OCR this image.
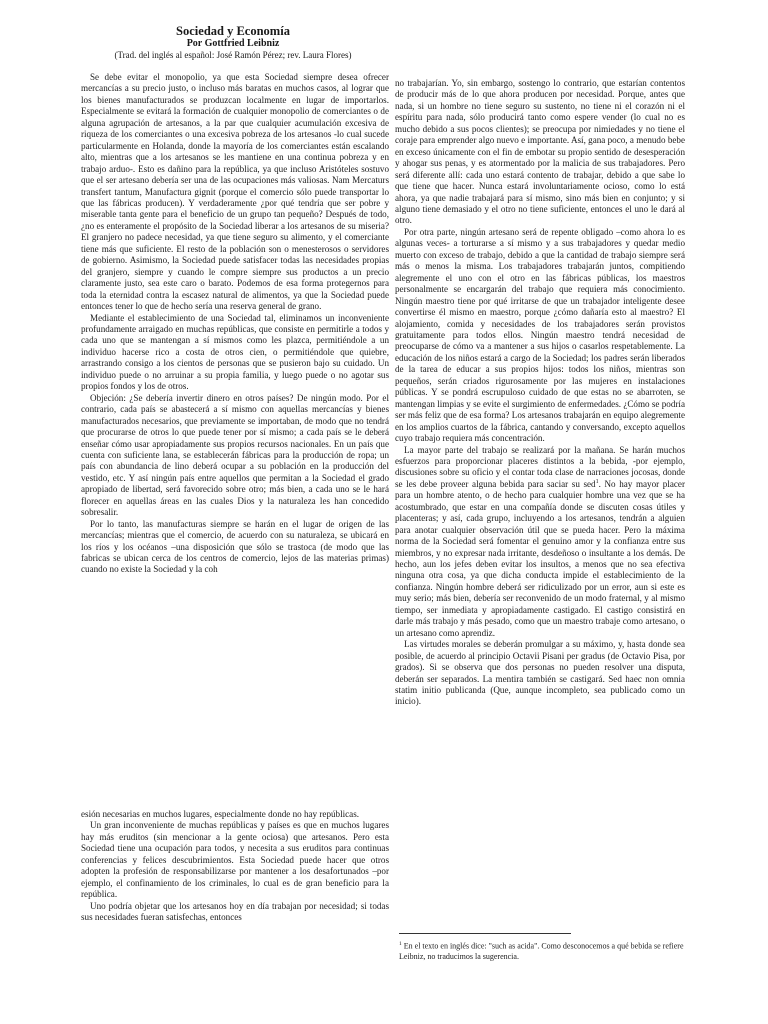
Sociedad y Economía
Por Gottfried Leibniz
(Trad. del inglés al español: José Ramón Pérez; rev. Laura Flores)

Se debe evitar el monopolio, ya que esta Sociedad siempre desea ofrecer mercancías a su precio justo, o incluso más baratas en muchos casos, al lograr que los bienes manufacturados se produzcan localmente en lugar de importarlos. Especialmente se evitará la formación de cualquier monopolio de comerciantes o de alguna agrupación de artesanos, a la par que cualquier acumulación excesiva de riqueza de los comerciantes o una excesiva pobreza de los artesanos -lo cual sucede particularmente en Holanda, donde la mayoría de los comerciantes están escalando alto, mientras que a los artesanos se les mantiene en una continua pobreza y en trabajo arduo-. Esto es dañino para la república, ya que incluso Aristóteles sostuvo que el ser artesano debería ser una de las ocupaciones más valiosas. Nam Mercaturs transfert tantum, Manufactura gignit (porque el comercio sólo puede transportar lo que las fábricas producen). Y verdaderamente ¿por qué tendría que ser pobre y miserable tanta gente para el beneficio de un grupo tan pequeño? Después de todo, ¿no es enteramente el propósito de la Sociedad liberar a los artesanos de su miseria? El granjero no padece necesidad, ya que tiene seguro su alimento, y el comerciante tiene más que suficiente. El resto de la población son o menesterosos o servidores de gobierno. Asimismo, la Sociedad puede satisfacer todas las necesidades propias del granjero, siempre y cuando le compre siempre sus productos a un precio claramente justo, sea este caro o barato. Podemos de esa forma protegernos para toda la eternidad contra la escasez natural de alimentos, ya que la Sociedad puede entonces tener lo que de hecho sería una reserva general de grano.

Mediante el establecimiento de una Sociedad tal, eliminamos un inconveniente profundamente arraigado en muchas repúblicas, que consiste en permitirle a todos y cada uno que se mantengan a sí mismos como les plazca, permitiéndole a un individuo hacerse rico a costa de otros cien, o permitiéndole que quiebre, arrastrando consigo a los cientos de personas que se pusieron bajo su cuidado. Un individuo puede o no arruinar a su propia familia, y luego puede o no agotar sus propios fondos y los de otros.

Objeción: ¿Se debería invertir dinero en otros países? De ningún modo. Por el contrario, cada país se abastecerá a sí mismo con aquellas mercancías y bienes manufacturados necesarios, que previamente se importaban, de modo que no tendrá que procurarse de otros lo que puede tener por sí mismo; a cada país se le deberá enseñar cómo usar apropiadamente sus propios recursos nacionales. En un país que cuenta con suficiente lana, se establecerán fábricas para la producción de ropa; un país con abundancia de lino deberá ocupar a su población en la producción del vestido, etc. Y así ningún país entre aquellos que permitan a la Sociedad el grado apropiado de libertad, será favorecido sobre otro; más bien, a cada uno se le hará florecer en aquellas áreas en las cuales Dios y la naturaleza les han concedido sobresalir.

Por lo tanto, las manufacturas siempre se harán en el lugar de origen de las mercancías; mientras que el comercio, de acuerdo con su naturaleza, se ubicará en los ríos y los océanos –una disposición que sólo se trastoca (de modo que las fabricas se ubican cerca de los centros de comercio, lejos de las materias primas) cuando no existe la Sociedad y la coh

esión necesarias en muchos lugares, especialmente donde no hay repúblicas.

Un gran inconveniente de muchas repúblicas y países es que en muchos lugares hay más eruditos (sin mencionar a la gente ociosa) que artesanos. Pero esta Sociedad tiene una ocupación para todos, y necesita a sus eruditos para continuas conferencias y felices descubrimientos. Esta Sociedad puede hacer que otros adopten la profesión de responsabilizarse por mantener a los desafortunados –por ejemplo, el confinamiento de los criminales, lo cual es de gran beneficio para la república.

Uno podría objetar que los artesanos hoy en día trabajan por necesidad; si todas sus necesidades fueran satisfechas, entonces

no trabajarían. Yo, sin embargo, sostengo lo contrario, que estarían contentos de producir más de lo que ahora producen por necesidad. Porque, antes que nada, si un hombre no tiene seguro su sustento, no tiene ni el corazón ni el espíritu para nada, sólo producirá tanto como espere vender (lo cual no es mucho debido a sus pocos clientes); se preocupa por nimiedades y no tiene el coraje para emprender algo nuevo e importante. Así, gana poco, a menudo bebe en exceso únicamente con el fin de embotar su propio sentido de desesperación y ahogar sus penas, y es atormentado por la malicia de sus trabajadores. Pero será diferente allí: cada uno estará contento de trabajar, debido a que sabe lo que tiene que hacer. Nunca estará involuntariamente ocioso, como lo está ahora, ya que nadie trabajará para sí mismo, sino más bien en conjunto; y si alguno tiene demasiado y el otro no tiene suficiente, entonces el uno le dará al otro.

Por otra parte, ningún artesano será de repente obligado –como ahora lo es algunas veces- a torturarse a sí mismo y a sus trabajadores y quedar medio muerto con exceso de trabajo, debido a que la cantidad de trabajo siempre será más o menos la misma. Los trabajadores trabajarán juntos, compitiendo alegremente el uno con el otro en las fábricas públicas, los maestros personalmente se encargarán del trabajo que requiera más conocimiento. Ningún maestro tiene por qué irritarse de que un trabajador inteligente desee convertirse él mismo en maestro, porque ¿cómo dañaría esto al maestro? El alojamiento, comida y necesidades de los trabajadores serán provistos gratuitamente para todos ellos. Ningún maestro tendrá necesidad de preocuparse de cómo va a mantener a sus hijos o casarlos respetablemente. La educación de los niños estará a cargo de la Sociedad; los padres serán liberados de la tarea de educar a sus propios hijos: todos los niños, mientras son pequeños, serán criados rigurosamente por las mujeres en instalaciones públicas. Y se pondrá escrupuloso cuidado de que estas no se abarroten, se mantengan limpias y se evite el surgimiento de enfermedades. ¿Cómo se podría ser más feliz que de esa forma? Los artesanos trabajarán en equipo alegremente en los amplios cuartos de la fábrica, cantando y conversando, excepto aquellos cuyo trabajo requiera más concentración.

La mayor parte del trabajo se realizará por la mañana. Se harán muchos esfuerzos para proporcionar placeres distintos a la bebida, -por ejemplo, discusiones sobre su oficio y el contar toda clase de narraciones jocosas, donde se les debe proveer alguna bebida para saciar su sed$^1$. No hay mayor placer para un hombre atento, o de hecho para cualquier hombre una vez que se ha acostumbrado, que estar en una compañía donde se discuten cosas útiles y placenteras; y así, cada grupo, incluyendo a los artesanos, tendrán a alguien para anotar cualquier observación útil que se pueda hacer. Pero la máxima norma de la Sociedad será fomentar el genuino amor y la confianza entre sus miembros, y no expresar nada irritante, desdeñoso o insultante a los demás. De hecho, aun los jefes deben evitar los insultos, a menos que no sea efectiva ninguna otra cosa, ya que dicha conducta impide el establecimiento de la confianza. Ningún hombre deberá ser ridiculizado por un error, aun si este es muy serio; más bien, debería ser reconvenido de un modo fraternal, y al mismo tiempo, ser inmediata y apropiadamente castigado. El castigo consistirá en darle más trabajo y más pesado, como que un maestro trabaje como artesano, o un artesano como aprendiz.

Las virtudes morales se deberán promulgar a su máximo, y, hasta donde sea posible, de acuerdo al principio Octavii Pisani per gradus (de Octavio Pisa, por grados). Si se observa que dos personas no pueden resolver una disputa, deberán ser separados. La mentira también se castigará. Sed haec non omnia statim initio publicanda (Que, aunque incompleto, sea publicado como un inicio).

$^1$ En el texto en inglés dice: "such as acida". Como desconocemos a qué bebida se refiere Leibniz, no traducimos la sugerencia.
